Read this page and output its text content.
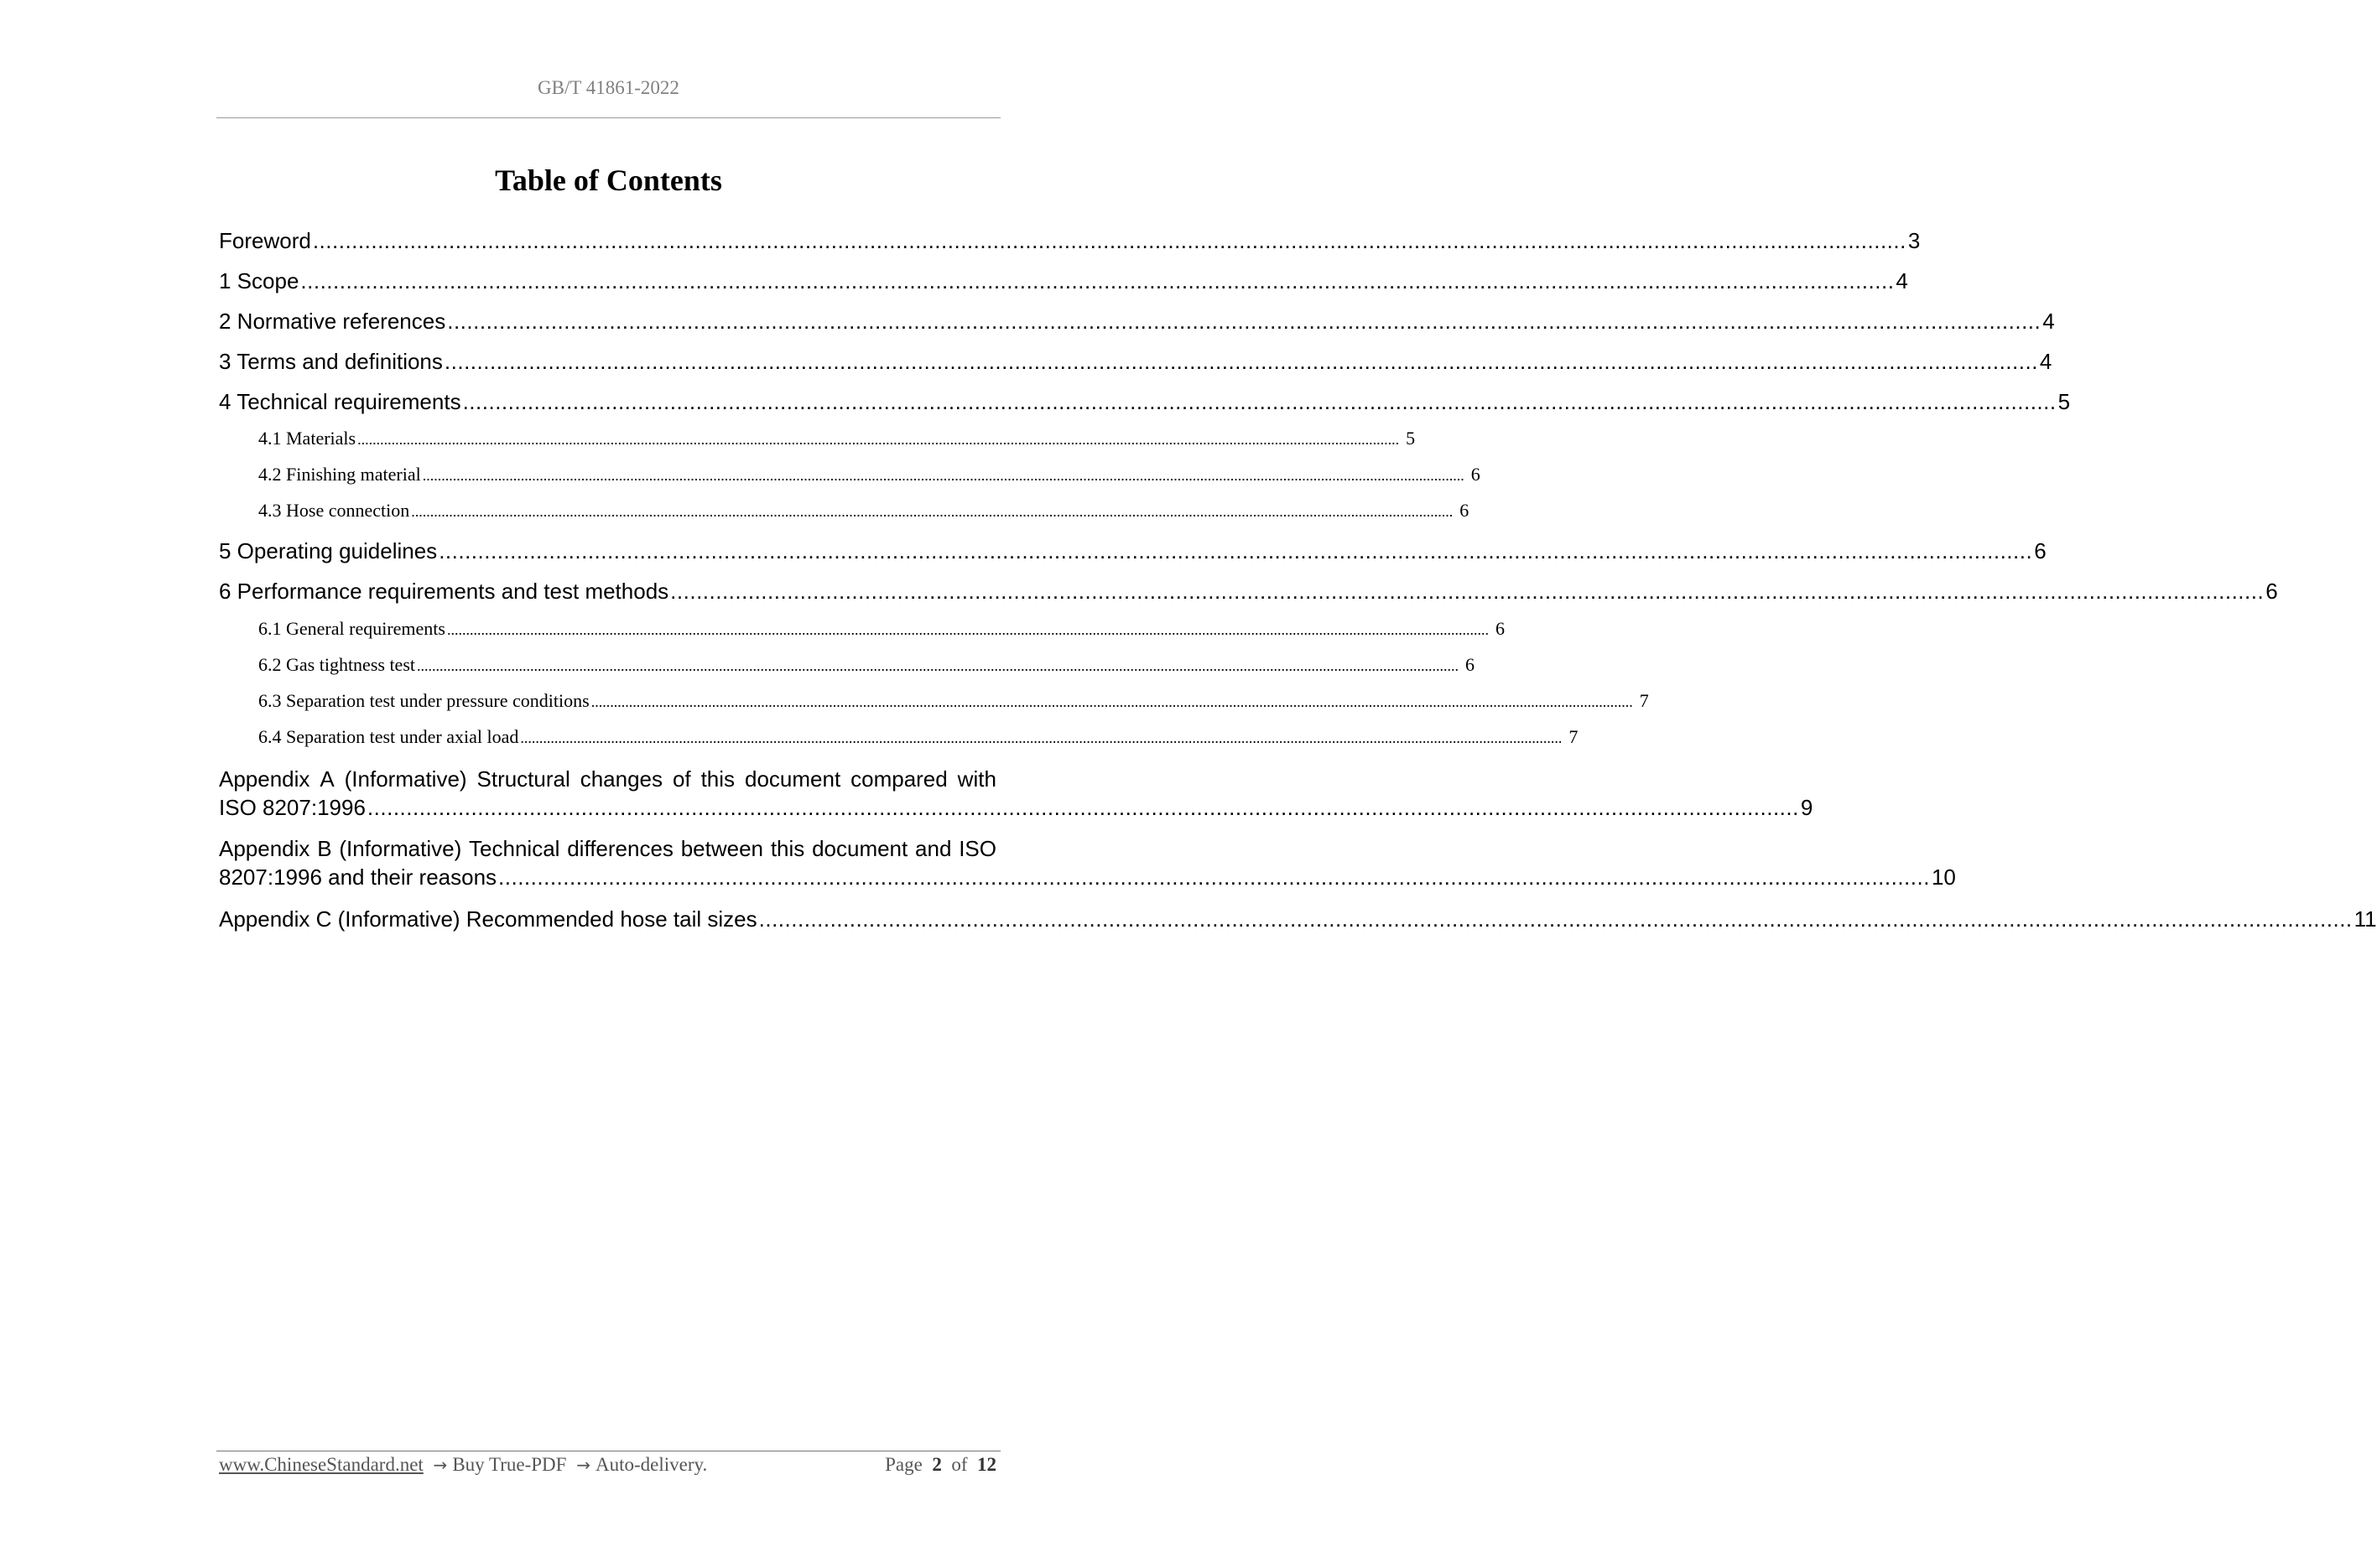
GB/T 41861-2022
Table of Contents
Foreword .....	3
1 Scope .....	4
2 Normative references .....	4
3 Terms and definitions .....	4
4 Technical requirements .....	5
4.1 Materials .....	5
4.2 Finishing material .....	6
4.3 Hose connection .....	6
5 Operating guidelines .....	6
6 Performance requirements and test methods .....	6
6.1 General requirements .....	6
6.2 Gas tightness test .....	6
6.3 Separation test under pressure conditions .....	7
6.4 Separation test under axial load .....	7
Appendix A (Informative) Structural changes of this document compared with
ISO 8207:1996 ............................................................................................................................................................................................................................. 9
Appendix B (Informative) Technical differences between this document and ISO
8207:1996 and their reasons ............................................................................................................................................................................................................................. 10
Appendix C (Informative) Recommended hose tail sizes .....	11
www.ChineseStandard.net → Buy True-PDF → Auto-delivery.	Page 2 of 12
